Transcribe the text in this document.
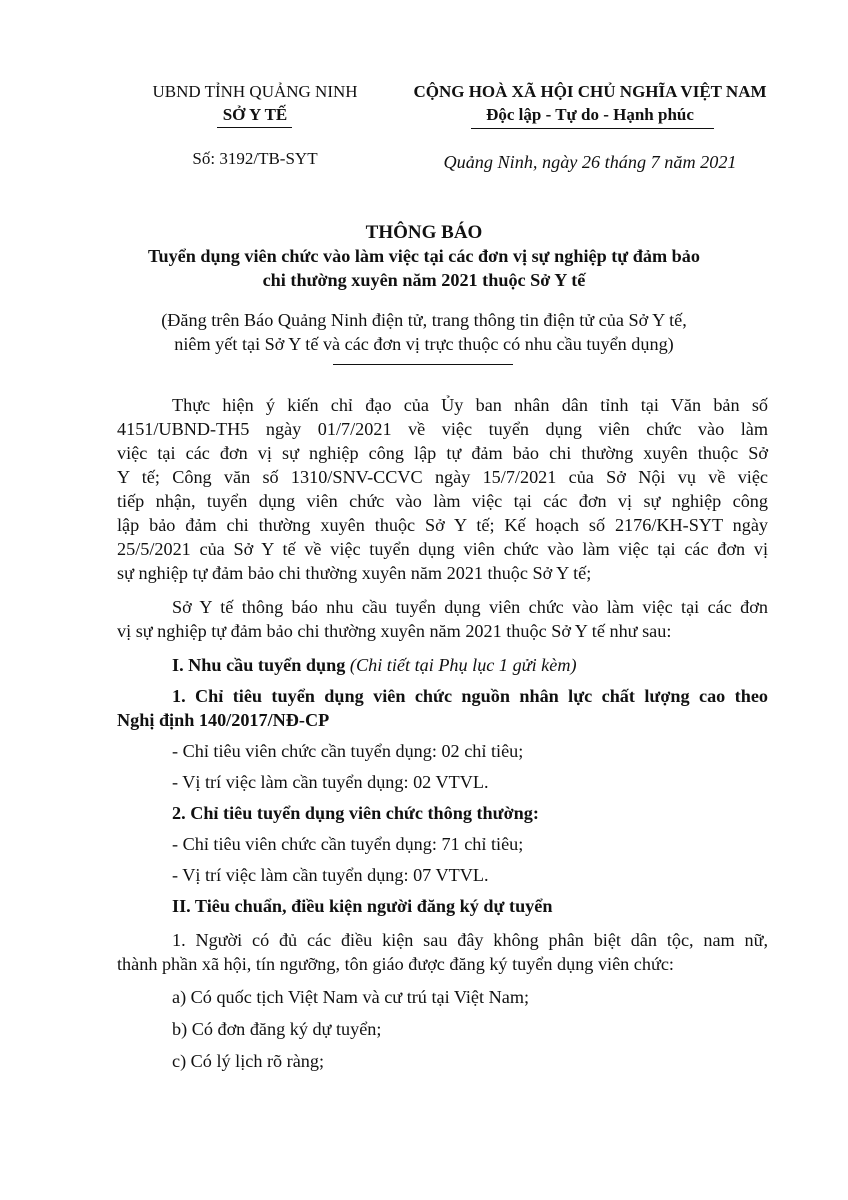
UBND TỈNH QUẢNG NINH
SỞ Y TẾ
Số: 3192/TB-SYT
CỘNG HOÀ XÃ HỘI CHỦ NGHĨA VIỆT NAM
Độc lập - Tự do - Hạnh phúc
Quảng Ninh, ngày 26 tháng 7 năm 2021
THÔNG BÁO
Tuyển dụng viên chức vào làm việc tại các đơn vị sự nghiệp tự đảm bảo
chi thường xuyên năm 2021 thuộc Sở Y tế
(Đăng trên Báo Quảng Ninh điện tử, trang thông tin điện tử của Sở Y tế,
niêm yết tại Sở Y tế và các đơn vị trực thuộc có nhu cầu tuyển dụng)
Thực hiện ý kiến chỉ đạo của Ủy ban nhân dân tỉnh tại Văn bản số
4151/UBND-TH5 ngày 01/7/2021 về việc tuyển dụng viên chức vào làm
việc tại các đơn vị sự nghiệp công lập tự đảm bảo chi thường xuyên thuộc Sở
Y tế; Công văn số 1310/SNV-CCVC ngày 15/7/2021 của Sở Nội vụ về việc
tiếp nhận, tuyển dụng viên chức vào làm việc tại các đơn vị sự nghiệp công
lập bảo đảm chi thường xuyên thuộc Sở Y tế; Kế hoạch số 2176/KH-SYT ngày
25/5/2021 của Sở Y tế về việc tuyển dụng viên chức vào làm việc tại các đơn vị
sự nghiệp tự đảm bảo chi thường xuyên năm 2021 thuộc Sở Y tế;
Sở Y tế thông báo nhu cầu tuyển dụng viên chức vào làm việc tại các đơn
vị sự nghiệp tự đảm bảo chi thường xuyên năm 2021 thuộc Sở Y tế như sau:
I. Nhu cầu tuyển dụng (Chi tiết tại Phụ lục 1 gửi kèm)
1. Chỉ tiêu tuyển dụng viên chức nguồn nhân lực chất lượng cao theo
Nghị định 140/2017/NĐ-CP
- Chỉ tiêu viên chức cần tuyển dụng: 02 chỉ tiêu;
- Vị trí việc làm cần tuyển dụng: 02 VTVL.
2. Chỉ tiêu tuyển dụng viên chức thông thường:
- Chỉ tiêu viên chức cần tuyển dụng: 71 chỉ tiêu;
- Vị trí việc làm cần tuyển dụng: 07 VTVL.
II. Tiêu chuẩn, điều kiện người đăng ký dự tuyển
1. Người có đủ các điều kiện sau đây không phân biệt dân tộc, nam nữ,
thành phần xã hội, tín ngưỡng, tôn giáo được đăng ký tuyển dụng viên chức:
a) Có quốc tịch Việt Nam và cư trú tại Việt Nam;
b) Có đơn đăng ký dự tuyển;
c) Có lý lịch rõ ràng;
